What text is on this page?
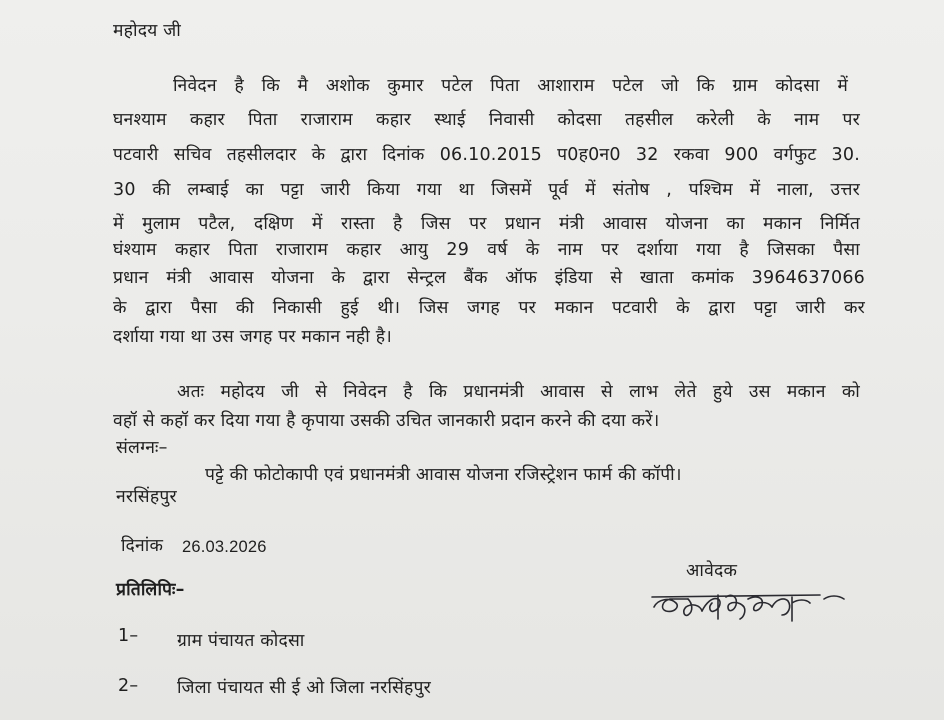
महोदय जी
निवेदन है कि मै अशोक कुमार पटेल पिता आशाराम पटेल जो कि ग्राम कोदसा में
घनश्याम कहार पिता राजाराम कहार स्थाई निवासी कोदसा तहसील करेली के नाम पर
पटवारी सचिव तहसीलदार के द्वारा दिनांक 06.10.2015 प0ह0न0 32 रकवा 900 वर्गफुट 30.
30 की लम्बाई का पट्टा जारी किया गया था जिसमें पूर्व में संतोष , पश्चिम में नाला, उत्तर
में मुलाम पटैल, दक्षिण में रास्ता है जिस पर प्रधान मंत्री आवास योजना का मकान निर्मित
घंश्याम कहार पिता राजाराम कहार आयु 29 वर्ष के नाम पर दर्शाया गया है जिसका पैसा
प्रधान मंत्री आवास योजना के द्वारा सेन्ट्रल बैंक ऑफ इंडिया से खाता कमांक 3964637066
के द्वारा पैसा की निकासी हुई थी। जिस जगह पर मकान पटवारी के द्वारा पट्टा जारी कर
दर्शाया गया था उस जगह पर मकान नही है।
अतः महोदय जी से निवेदन है कि प्रधानमंत्री आवास से लाभ लेते हुये उस मकान को
वहॉ से कहॉ कर दिया गया है कृपाया उसकी उचित जानकारी प्रदान करने की दया करें।
संलग्नः–
पट्टे की फोटोकापी एवं प्रधानमंत्री आवास योजना रजिस्ट्रेशन फार्म की कॉपी।
नरसिंहपुर
दिनांक 26.03.2026
आवेदक
प्रतिलिपिः–
1– ग्राम पंचायत कोदसा
2– जिला पंचायत सी ई ओ जिला नरसिंहपुर
